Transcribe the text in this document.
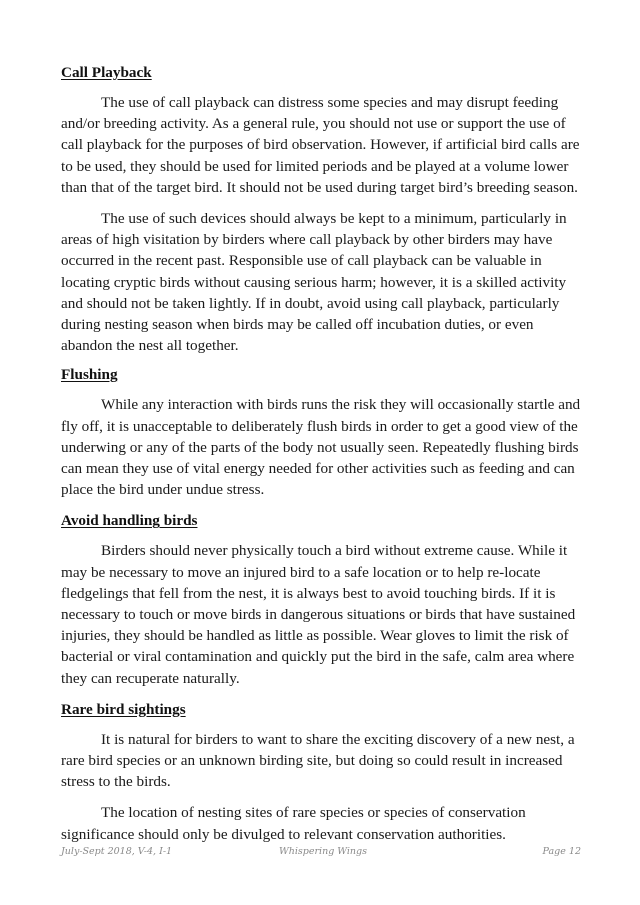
Call Playback

The use of call playback can distress some species and may disrupt feeding
and/or breeding activity. As a general rule, you should not use or support the use of
call playback for the purposes of bird observation. However, if artificial bird calls are
to be used, they should be used for limited periods and be played at a volume lower
than that of the target bird. It should not be used during target bird’s breeding season.

The use of such devices should always be kept to a minimum, particularly in
areas of high visitation by birders where call playback by other birders may have
occurred in the recent past. Responsible use of call playback can be valuable in
locating cryptic birds without causing serious harm; however, it is a skilled activity
and should not be taken lightly. If in doubt, avoid using call playback, particularly
during nesting season when birds may be called off incubation duties, or even
abandon the nest all together.

Flushing

While any interaction with birds runs the risk they will occasionally startle and
fly off, it is unacceptable to deliberately flush birds in order to get a good view of the
underwing or any of the parts of the body not usually seen. Repeatedly flushing birds
can mean they use of vital energy needed for other activities such as feeding and can
place the bird under undue stress.

Avoid handling birds

Birders should never physically touch a bird without extreme cause. While it
may be necessary to move an injured bird to a safe location or to help re-locate
fledgelings that fell from the nest, it is always best to avoid touching birds. If it is
necessary to touch or move birds in dangerous situations or birds that have sustained
injuries, they should be handled as little as possible. Wear gloves to limit the risk of
bacterial or viral contamination and quickly put the bird in the safe, calm area where
they can recuperate naturally.

Rare bird sightings

It is natural for birders to want to share the exciting discovery of a new nest, a
rare bird species or an unknown birding site, but doing so could result in increased
stress to the birds.

The location of nesting sites of rare species or species of conservation
significance should only be divulged to relevant conservation authorities.

July-Sept 2018, V-4, I-1	Whispering Wings	Page 12
